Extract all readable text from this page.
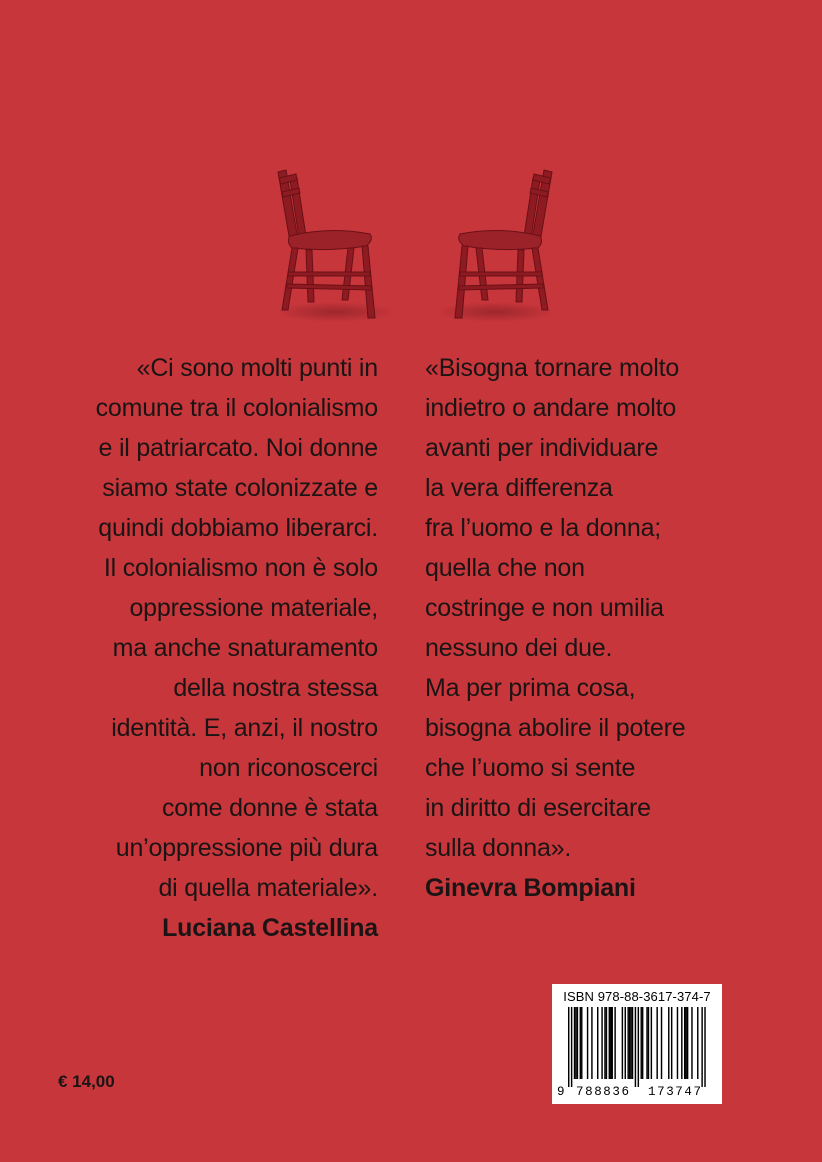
«Ci sono molti punti in
comune tra il colonialismo
e il patriarcato. Noi donne
siamo state colonizzate e
quindi dobbiamo liberarci.
Il colonialismo non è solo
oppressione materiale,
ma anche snaturamento
della nostra stessa
identità. E, anzi, il nostro
non riconoscerci
come donne è stata
un’oppressione più dura
di quella materiale».
Luciana Castellina
«Bisogna tornare molto
indietro o andare molto
avanti per individuare
la vera differenza
fra l’uomo e la donna;
quella che non
costringe e non umilia
nessuno dei due.
Ma per prima cosa,
bisogna abolire il potere
che l’uomo si sente
in diritto di esercitare
sulla donna».
Ginevra Bompiani
€ 14,00
ISBN 978-88-3617-374-7
9 788836 173747
